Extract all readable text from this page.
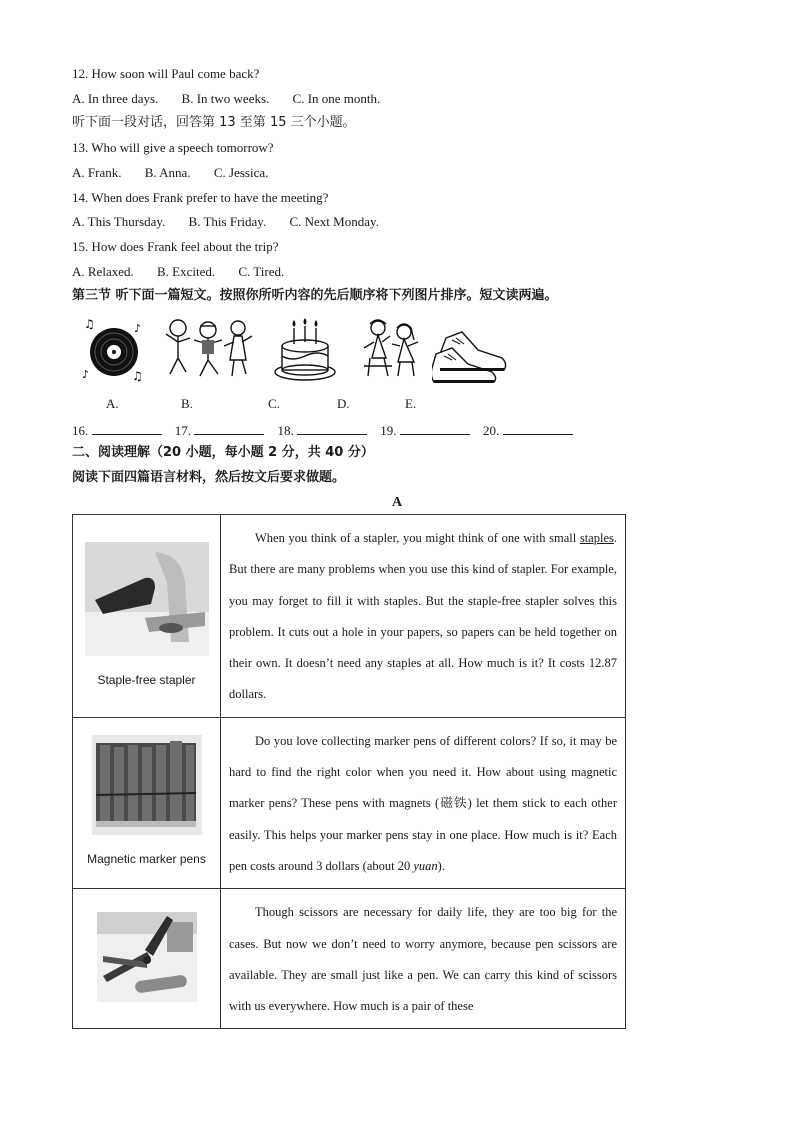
12. How soon will Paul come back?
A. In three days. B. In two weeks. C. In one month.
听下面一段对话，回答第 13 至第 15 三个小题。
13. Who will give a speech tomorrow?
A. Frank. B. Anna. C. Jessica.
14. When does Frank prefer to have the meeting?
A. This Thursday. B. This Friday. C. Next Monday.
15. How does Frank feel about the trip?
A. Relaxed. B. Excited. C. Tired.
第三节 听下面一篇短文。按照你所听内容的先后顺序将下列图片排序。短文读两遍。
♫	♪
♪	♫
A.	B.	C.	D.	E.
16.	17.	18.	19.	20.
二、阅读理解（20 小题，每小题 2 分，共 40 分）
阅读下面四篇语言材料，然后按文后要求做题。
A
Staple-free stapler	When you think of a stapler, you might think of one with small staples. But there are many problems when you use this kind of stapler. For example, you may forget to fill it with staples. But the staple-free stapler solves this problem. It cuts out a hole in your papers, so papers can be held together on their own. It doesn’t need any staples at all. How much is it? It costs 12.87 dollars.

Magnetic marker pens	Do you love collecting marker pens of different colors? If so, it may be hard to find the right color when you need it. How about using magnetic marker pens? These pens with magnets (磁铁) let them stick to each other easily. This helps your marker pens stay in one place. How much is it? Each pen costs around 3 dollars (about 20 yuan).
	Though scissors are necessary for daily life, they are too big for the cases. But now we don’t need to worry anymore, because pen scissors are available. They are small just like a pen. We can carry this kind of scissors with us everywhere. How much is a pair of these
